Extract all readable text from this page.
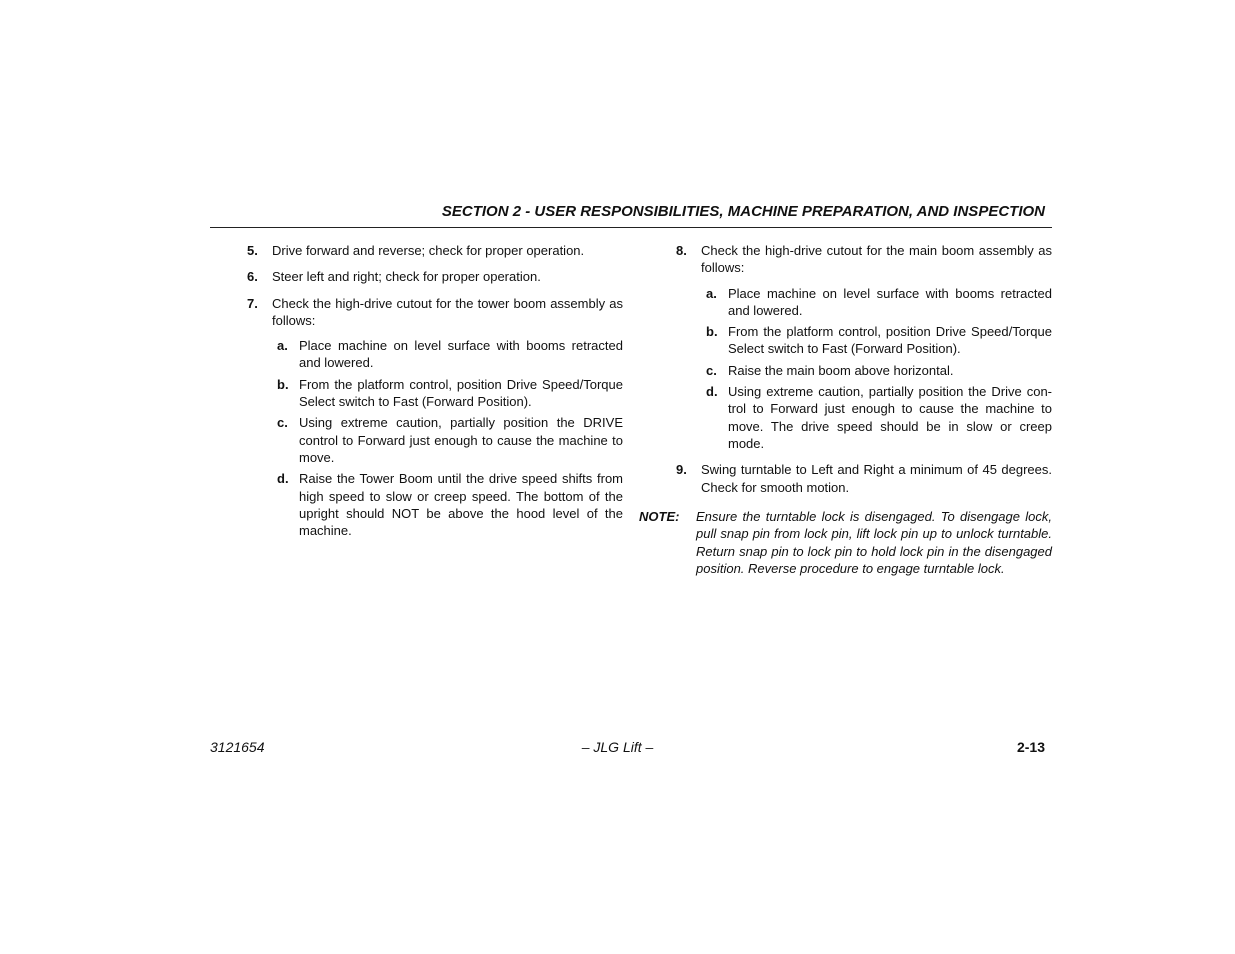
SECTION 2 - USER RESPONSIBILITIES, MACHINE PREPARATION, AND INSPECTION
5.	Drive forward and reverse; check for proper operation.
6.	Steer left and right; check for proper operation.
7.	Check the high-drive cutout for the tower boom assembly as follows:
a. Place machine on level surface with booms retracted and lowered.
b. From the platform control, position Drive Speed/Torque Select switch to Fast (Forward Position).
c. Using extreme caution, partially position the DRIVE control to Forward just enough to cause the machine to move.
d. Raise the Tower Boom until the drive speed shifts from high speed to slow or creep speed. The bottom of the upright should NOT be above the hood level of the machine.
8.	Check the high-drive cutout for the main boom assembly as follows:
a. Place machine on level surface with booms retracted and lowered.
b. From the platform control, position Drive Speed/Torque Select switch to Fast (Forward Position).
c. Raise the main boom above horizontal.
d. Using extreme caution, partially position the Drive con-trol to Forward just enough to cause the machine to move. The drive speed should be in slow or creep mode.
9.	Swing turntable to Left and Right a minimum of 45 degrees. Check for smooth motion.
NOTE:	Ensure the turntable lock is disengaged. To disengage lock, pull snap pin from lock pin, lift lock pin up to unlock turntable. Return snap pin to lock pin to hold lock pin in the disengaged position. Reverse procedure to engage turntable lock.
3121654	– JLG Lift –	2-13
